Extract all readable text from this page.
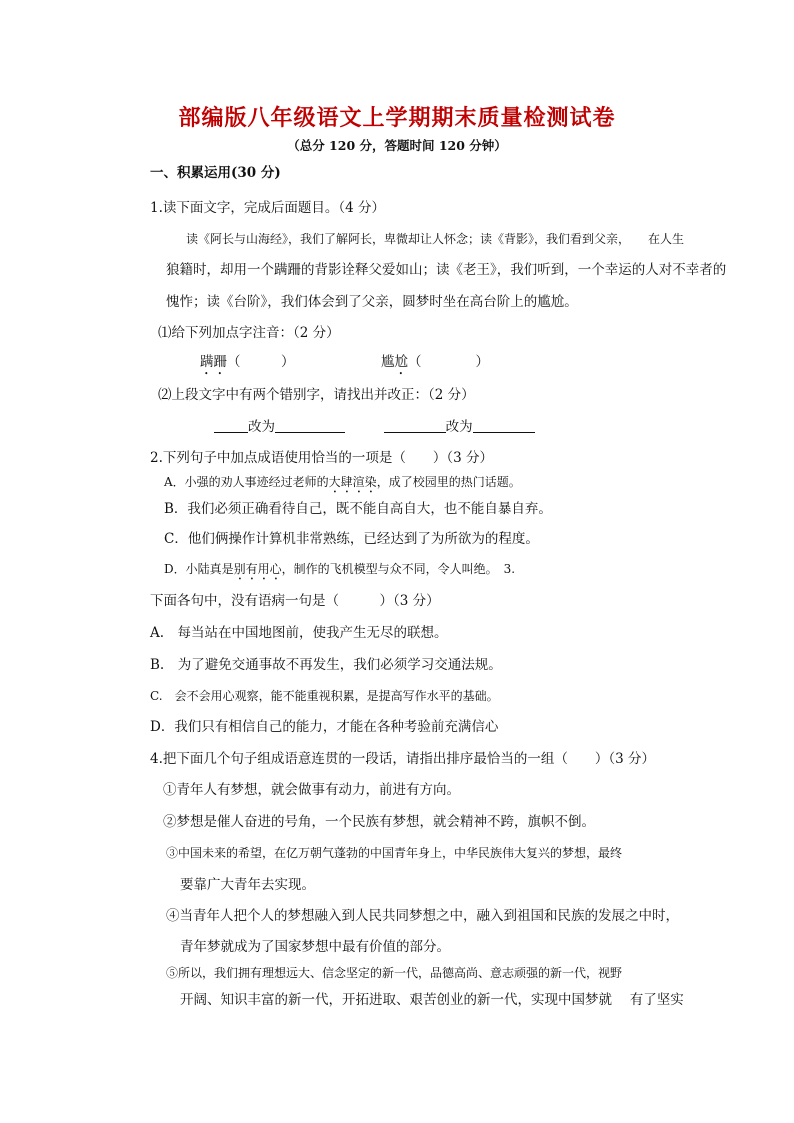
部编版八年级语文上学期期末质量检测试卷
（总分 120 分，答题时间 120 分钟）
一、积累运用(30 分)
1.读下面文字，完成后面题目。（4 分）
读《阿长与山海经》，我们了解阿长，卑微却让人怀念；读《背影》，我们看到父亲，　　在人生
狼籍时，却用一个蹒跚的背影诠释父爱如山；读《老王》，我们听到，一个幸运的人对不幸者的
愧怍；读《台阶》，我们体会到了父亲，圆梦时坐在高台阶上的尴尬。
⑴给下列加点字注音：（2 分）
蹒跚（　　　）	尴尬（　　　　）
⑵上段文字中有两个错别字，请找出并改正：（2 分）
改为	改为
2.下列句子中加点成语使用恰当的一项是（　　）（3 分）
A．小强的劝人事迹经过老师的大肆渲染，成了校园里的热门话题。
B．我们必须正确看待自己，既不能自高自大，也不能自暴自弃。
C．他们俩操作计算机非常熟练，已经达到了为所欲为的程度。
D．小陆真是别有用心，制作的飞机模型与众不同，令人叫绝。　3.
下面各句中，没有语病一句是（　　　）（3 分）
A.　每当站在中国地图前，使我产生无尽的联想。
B.　为了避免交通事故不再发生，我们必须学习交通法规。
C.　会不会用心观察，能不能重视积累，是提高写作水平的基础。
D．我们只有相信自己的能力，才能在各种考验前充满信心
4.把下面几个句子组成语意连贯的一段话，请指出排序最恰当的一组（　　）（3 分）
①青年人有梦想，就会做事有动力，前进有方向。
②梦想是催人奋进的号角，一个民族有梦想，就会精神不跨，旗帜不倒。
③中国未来的希望，在亿万朝气蓬勃的中国青年身上，中华民族伟大复兴的梦想，最终
要靠广大青年去实现。
④当青年人把个人的梦想融入到人民共同梦想之中，融入到祖国和民族的发展之中时，
青年梦就成为了国家梦想中最有价值的部分。
⑤所以，我们拥有理想远大、信念坚定的新一代，品德高尚、意志顽强的新一代，视野
开阔、知识丰富的新一代，开拓进取、艰苦创业的新一代，实现中国梦就　 有了坚实
